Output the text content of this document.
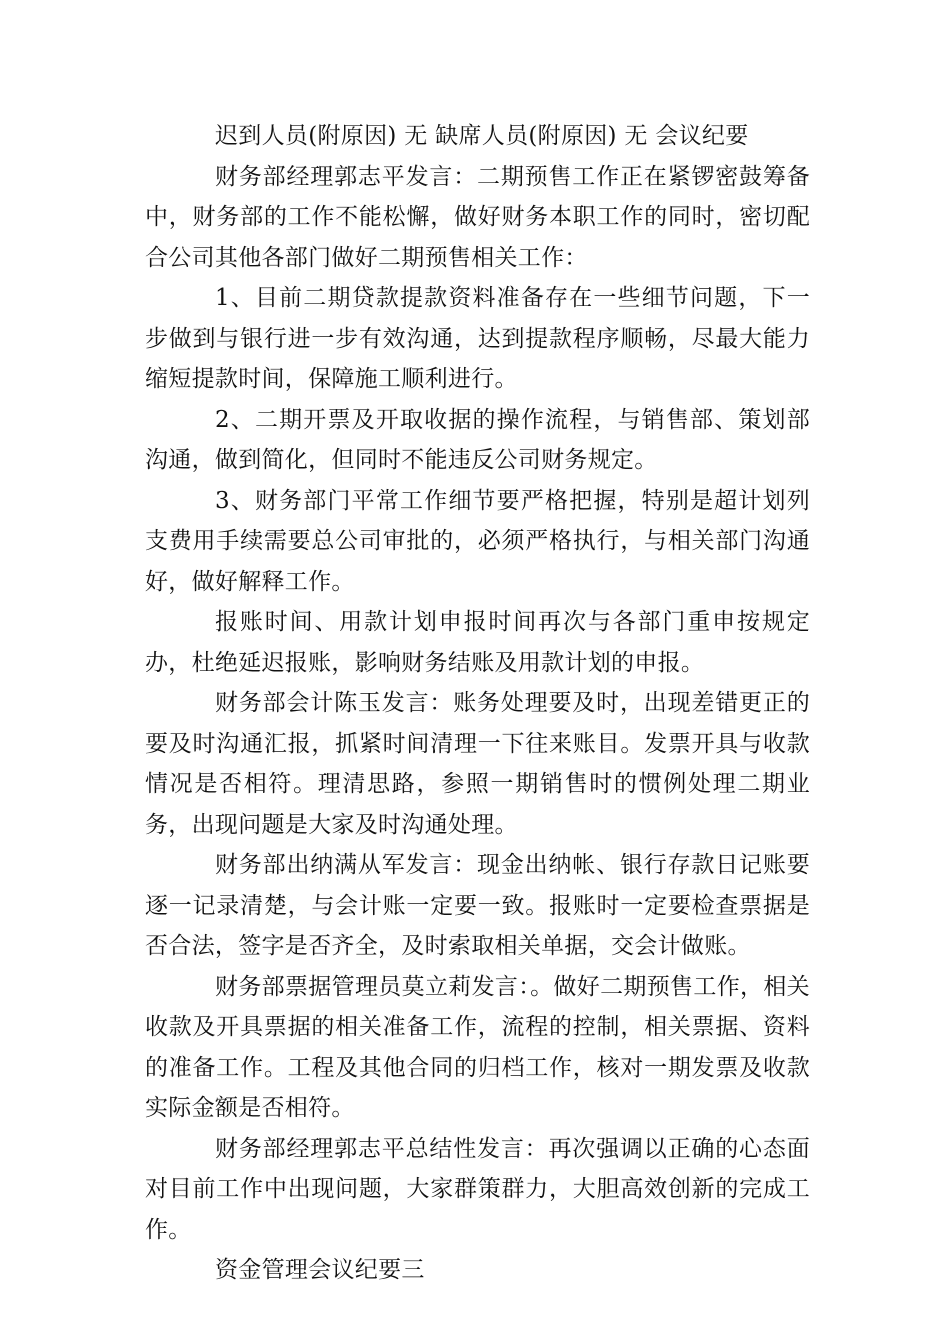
迟到人员(附原因) 无 缺席人员(附原因) 无 会议纪要

财务部经理郭志平发言：二期预售工作正在紧锣密鼓筹备中，财务部的工作不能松懈，做好财务本职工作的同时，密切配合公司其他各部门做好二期预售相关工作：

1、目前二期贷款提款资料准备存在一些细节问题，下一步做到与银行进一步有效沟通，达到提款程序顺畅，尽最大能力缩短提款时间，保障施工顺利进行。

2、二期开票及开取收据的操作流程，与销售部、策划部沟通，做到简化，但同时不能违反公司财务规定。

3、财务部门平常工作细节要严格把握，特别是超计划列支费用手续需要总公司审批的，必须严格执行，与相关部门沟通好，做好解释工作。

报账时间、用款计划申报时间再次与各部门重申按规定办，杜绝延迟报账，影响财务结账及用款计划的申报。

财务部会计陈玉发言：账务处理要及时，出现差错更正的要及时沟通汇报，抓紧时间清理一下往来账目。发票开具与收款情况是否相符。理清思路，参照一期销售时的惯例处理二期业务，出现问题是大家及时沟通处理。

财务部出纳满从军发言：现金出纳帐、银行存款日记账要逐一记录清楚，与会计账一定要一致。报账时一定要检查票据是否合法，签字是否齐全，及时索取相关单据，交会计做账。

财务部票据管理员莫立莉发言：。做好二期预售工作，相关收款及开具票据的相关准备工作，流程的控制，相关票据、资料的准备工作。工程及其他合同的归档工作，核对一期发票及收款实际金额是否相符。

财务部经理郭志平总结性发言：再次强调以正确的心态面对目前工作中出现问题，大家群策群力，大胆高效创新的完成工作。

资金管理会议纪要三
